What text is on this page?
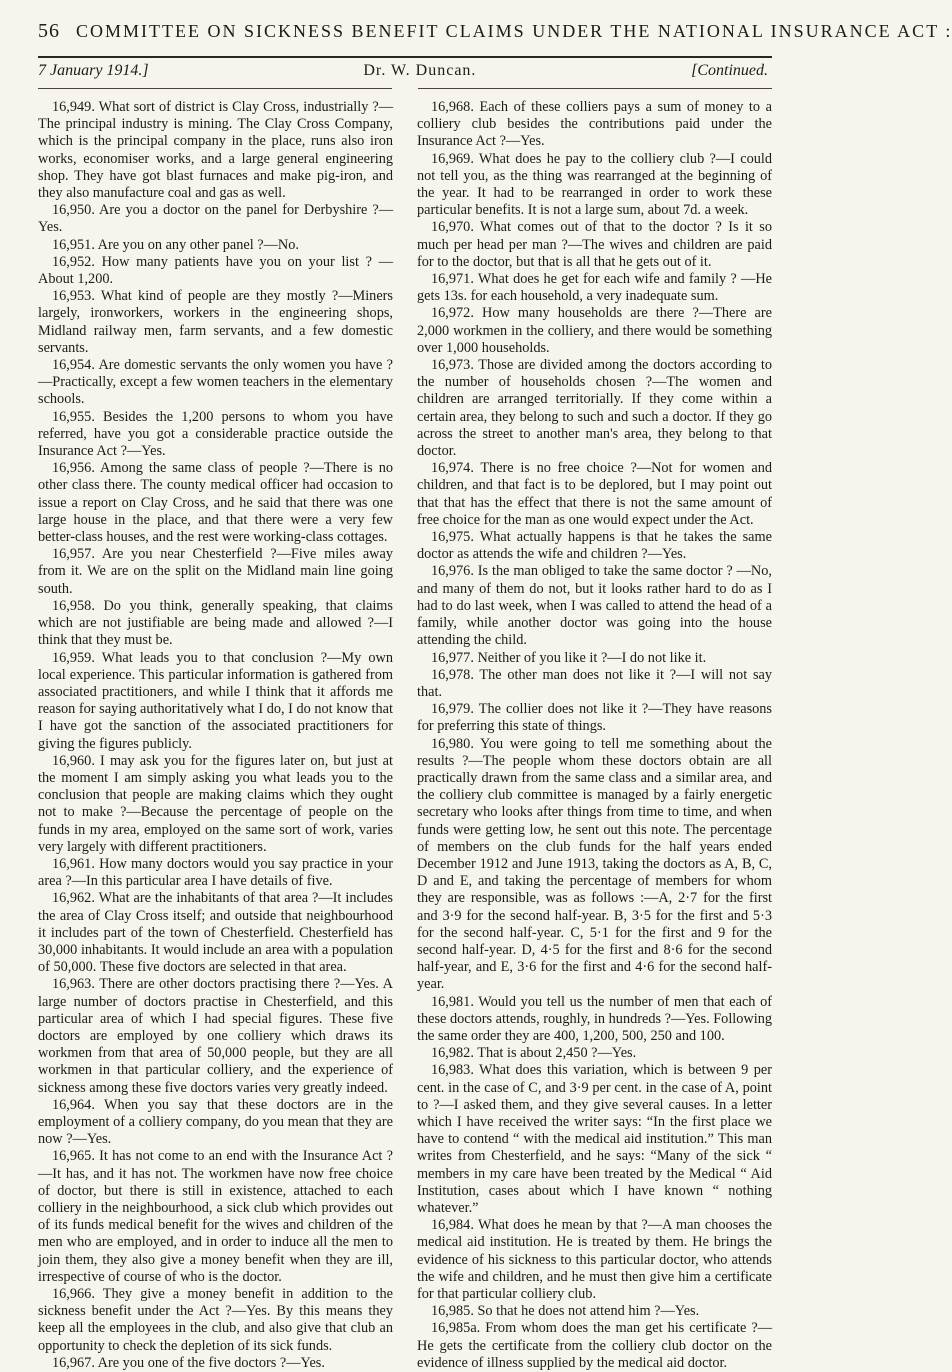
56 COMMITTEE ON SICKNESS BENEFIT CLAIMS UNDER THE NATIONAL INSURANCE ACT :
7 January 1914.]	Dr. W. Duncan.	[Continued.

16,949. What sort of district is Clay Cross, industrially ?—The principal industry is mining. The Clay Cross Company, which is the principal company in the place, runs also iron works, economiser works, and a large general engineering shop. They have got blast furnaces and make pig-iron, and they also manufacture coal and gas as well.

16,950. Are you a doctor on the panel for Derbyshire ?—Yes.

16,951. Are you on any other panel ?—No.

16,952. How many patients have you on your list ? —About 1,200.

16,953. What kind of people are they mostly ?—Miners largely, ironworkers, workers in the engineering shops, Midland railway men, farm servants, and a few domestic servants.

16,954. Are domestic servants the only women you have ?—Practically, except a few women teachers in the elementary schools.

16,955. Besides the 1,200 persons to whom you have referred, have you got a considerable practice outside the Insurance Act ?—Yes.

16,956. Among the same class of people ?—There is no other class there. The county medical officer had occasion to issue a report on Clay Cross, and he said that there was one large house in the place, and that there were a very few better-class houses, and the rest were working-class cottages.

16,957. Are you near Chesterfield ?—Five miles away from it. We are on the split on the Midland main line going south.

16,958. Do you think, generally speaking, that claims which are not justifiable are being made and allowed ?—I think that they must be.

16,959. What leads you to that conclusion ?—My own local experience. This particular information is gathered from associated practitioners, and while I think that it affords me reason for saying authoritatively what I do, I do not know that I have got the sanction of the associated practitioners for giving the figures publicly.

16,960. I may ask you for the figures later on, but just at the moment I am simply asking you what leads you to the conclusion that people are making claims which they ought not to make ?—Because the percentage of people on the funds in my area, employed on the same sort of work, varies very largely with different practitioners.

16,961. How many doctors would you say practice in your area ?—In this particular area I have details of five.

16,962. What are the inhabitants of that area ?—It includes the area of Clay Cross itself; and outside that neighbourhood it includes part of the town of Chesterfield. Chesterfield has 30,000 inhabitants. It would include an area with a population of 50,000. These five doctors are selected in that area.

16,963. There are other doctors practising there ?—Yes. A large number of doctors practise in Chesterfield, and this particular area of which I had special figures. These five doctors are employed by one colliery which draws its workmen from that area of 50,000 people, but they are all workmen in that particular colliery, and the experience of sickness among these five doctors varies very greatly indeed.

16,964. When you say that these doctors are in the employment of a colliery company, do you mean that they are now ?—Yes.

16,965. It has not come to an end with the Insurance Act ?—It has, and it has not. The workmen have now free choice of doctor, but there is still in existence, attached to each colliery in the neighbourhood, a sick club which provides out of its funds medical benefit for the wives and children of the men who are employed, and in order to induce all the men to join them, they also give a money benefit when they are ill, irrespective of course of who is the doctor.

16,966. They give a money benefit in addition to the sickness benefit under the Act ?—Yes. By this means they keep all the employees in the club, and also give that club an opportunity to check the depletion of its sick funds.

16,967. Are you one of the five doctors ?—Yes.

16,968. Each of these colliers pays a sum of money to a colliery club besides the contributions paid under the Insurance Act ?—Yes.

16,969. What does he pay to the colliery club ?—I could not tell you, as the thing was rearranged at the beginning of the year. It had to be rearranged in order to work these particular benefits. It is not a large sum, about 7d. a week.

16,970. What comes out of that to the doctor ? Is it so much per head per man ?—The wives and children are paid for to the doctor, but that is all that he gets out of it.

16,971. What does he get for each wife and family ? —He gets 13s. for each household, a very inadequate sum.

16,972. How many households are there ?—There are 2,000 workmen in the colliery, and there would be something over 1,000 households.

16,973. Those are divided among the doctors according to the number of households chosen ?—The women and children are arranged territorially. If they come within a certain area, they belong to such and such a doctor. If they go across the street to another man's area, they belong to that doctor.

16,974. There is no free choice ?—Not for women and children, and that fact is to be deplored, but I may point out that that has the effect that there is not the same amount of free choice for the man as one would expect under the Act.

16,975. What actually happens is that he takes the same doctor as attends the wife and children ?—Yes.

16,976. Is the man obliged to take the same doctor ? —No, and many of them do not, but it looks rather hard to do as I had to do last week, when I was called to attend the head of a family, while another doctor was going into the house attending the child.

16,977. Neither of you like it ?—I do not like it.

16,978. The other man does not like it ?—I will not say that.

16,979. The collier does not like it ?—They have reasons for preferring this state of things.

16,980. You were going to tell me something about the results ?—The people whom these doctors obtain are all practically drawn from the same class and a similar area, and the colliery club committee is managed by a fairly energetic secretary who looks after things from time to time, and when funds were getting low, he sent out this note. The percentage of members on the club funds for the half years ended December 1912 and June 1913, taking the doctors as A, B, C, D and E, and taking the percentage of members for whom they are responsible, was as follows :—A, 2·7 for the first and 3·9 for the second half-year. B, 3·5 for the first and 5·3 for the second half-year. C, 5·1 for the first and 9 for the second half-year. D, 4·5 for the first and 8·6 for the second half-year, and E, 3·6 for the first and 4·6 for the second half-year.

16,981. Would you tell us the number of men that each of these doctors attends, roughly, in hundreds ?—Yes. Following the same order they are 400, 1,200, 500, 250 and 100.

16,982. That is about 2,450 ?—Yes.

16,983. What does this variation, which is between 9 per cent. in the case of C, and 3·9 per cent. in the case of A, point to ?—I asked them, and they give several causes. In a letter which I have received the writer says: “In the first place we have to contend “ with the medical aid institution.” This man writes from Chesterfield, and he says: “Many of the sick “ members in my care have been treated by the Medical “ Aid Institution, cases about which I have known “ nothing whatever.”

16,984. What does he mean by that ?—A man chooses the medical aid institution. He is treated by them. He brings the evidence of his sickness to this particular doctor, who attends the wife and children, and he must then give him a certificate for that particular colliery club.

16,985. So that he does not attend him ?—Yes.

16,985a. From whom does the man get his certificate ?—He gets the certificate from the colliery club doctor on the evidence of illness supplied by the medical aid doctor.
